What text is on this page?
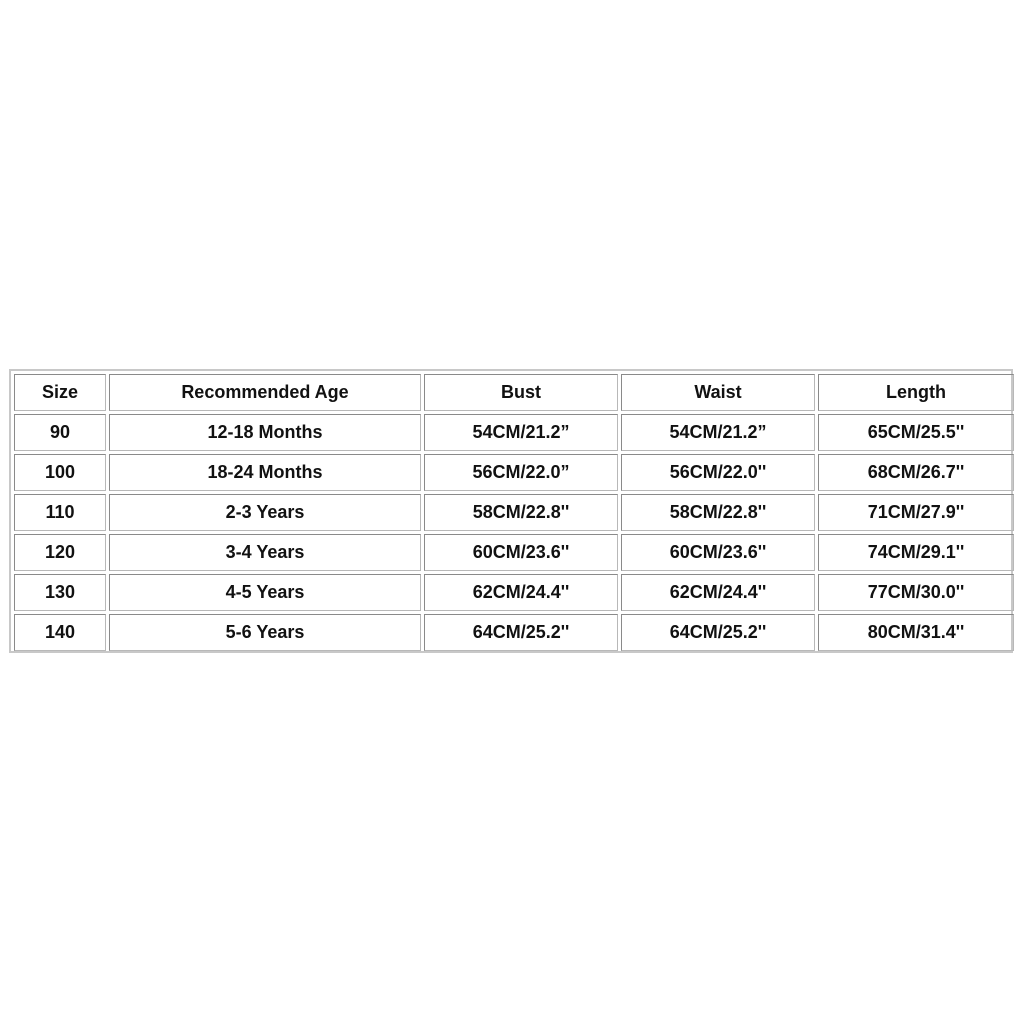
Size	Recommended Age	Bust	Waist	Length
90	12-18 Months	54CM/21.2”	54CM/21.2”	65CM/25.5''
100	18-24 Months	56CM/22.0”	56CM/22.0''	68CM/26.7''
110	2-3 Years	58CM/22.8''	58CM/22.8''	71CM/27.9''
120	3-4 Years	60CM/23.6''	60CM/23.6''	74CM/29.1''
130	4-5 Years	62CM/24.4''	62CM/24.4''	77CM/30.0''
140	5-6 Years	64CM/25.2''	64CM/25.2''	80CM/31.4''
